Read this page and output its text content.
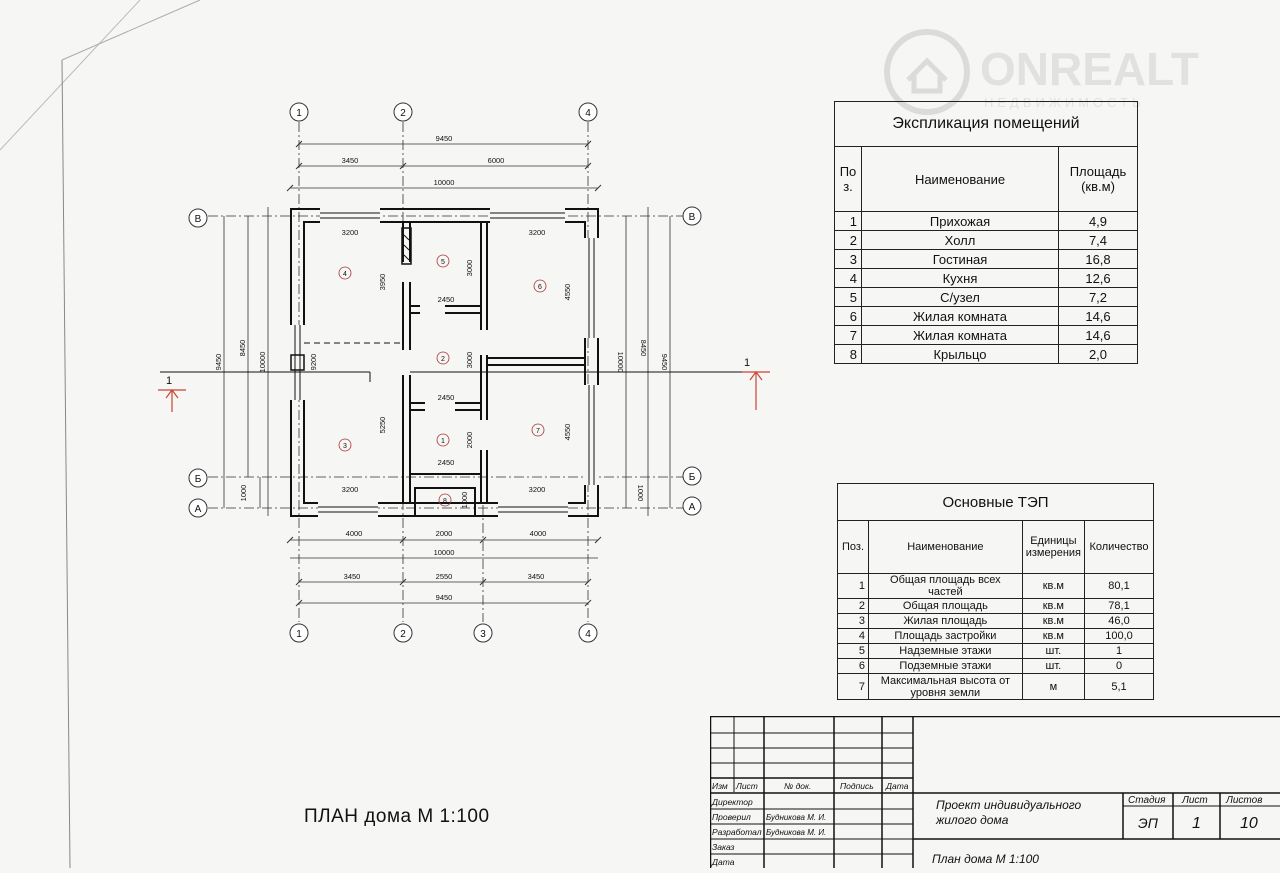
1
1
1	2	4
1	2	3	4
В
Б
А
В
Б
А
9450
3450	6000
10000
4000	2000	4000
10000
3450	2550	3450
9450
3200
3200
2450
2450
2450
3200
3200
9450
8450
10000
1000
9200
8450
10000	9450
1000
3950
5250
3000
3000
2000
4550
4550
1000
4
5
6
2
3
1
7
8
ONREALT
НЕДВИЖИМОСТЬ
Экспликация помещений		
По з.	Наименование	Площадь (кв.м)
1	Прихожая	4,9
2	Холл	7,4
3	Гостиная	16,8
4	Кухня	12,6
5	С/узел	7,2
6	Жилая комната	14,6
7	Жилая комната	14,6
8	Крыльцо	2,0
Основные ТЭП			
Поз.	Наименование	Единицы измерения	Количество
1	Общая площадь всех частей	кв.м	80,1
2	Общая площадь	кв.м	78,1
3	Жилая площадь	кв.м	46,0
4	Площадь застройки	кв.м	100,0
5	Надземные этажи	шт.	1
6	Подземные этажи	шт.	0
7	Максимальная высота от уровня земли	м	5,1
ПЛАН дома М 1:100
Изм Лист	№ док.	Подпись Дата
Директор
Проверил
Разработал
Заказ
Дата
Будникова М. И.
Будникова М. И.
Стадия Лист Листов
Проект индивидуального жилого дома	ЭП 1 10
План дома М 1:100
